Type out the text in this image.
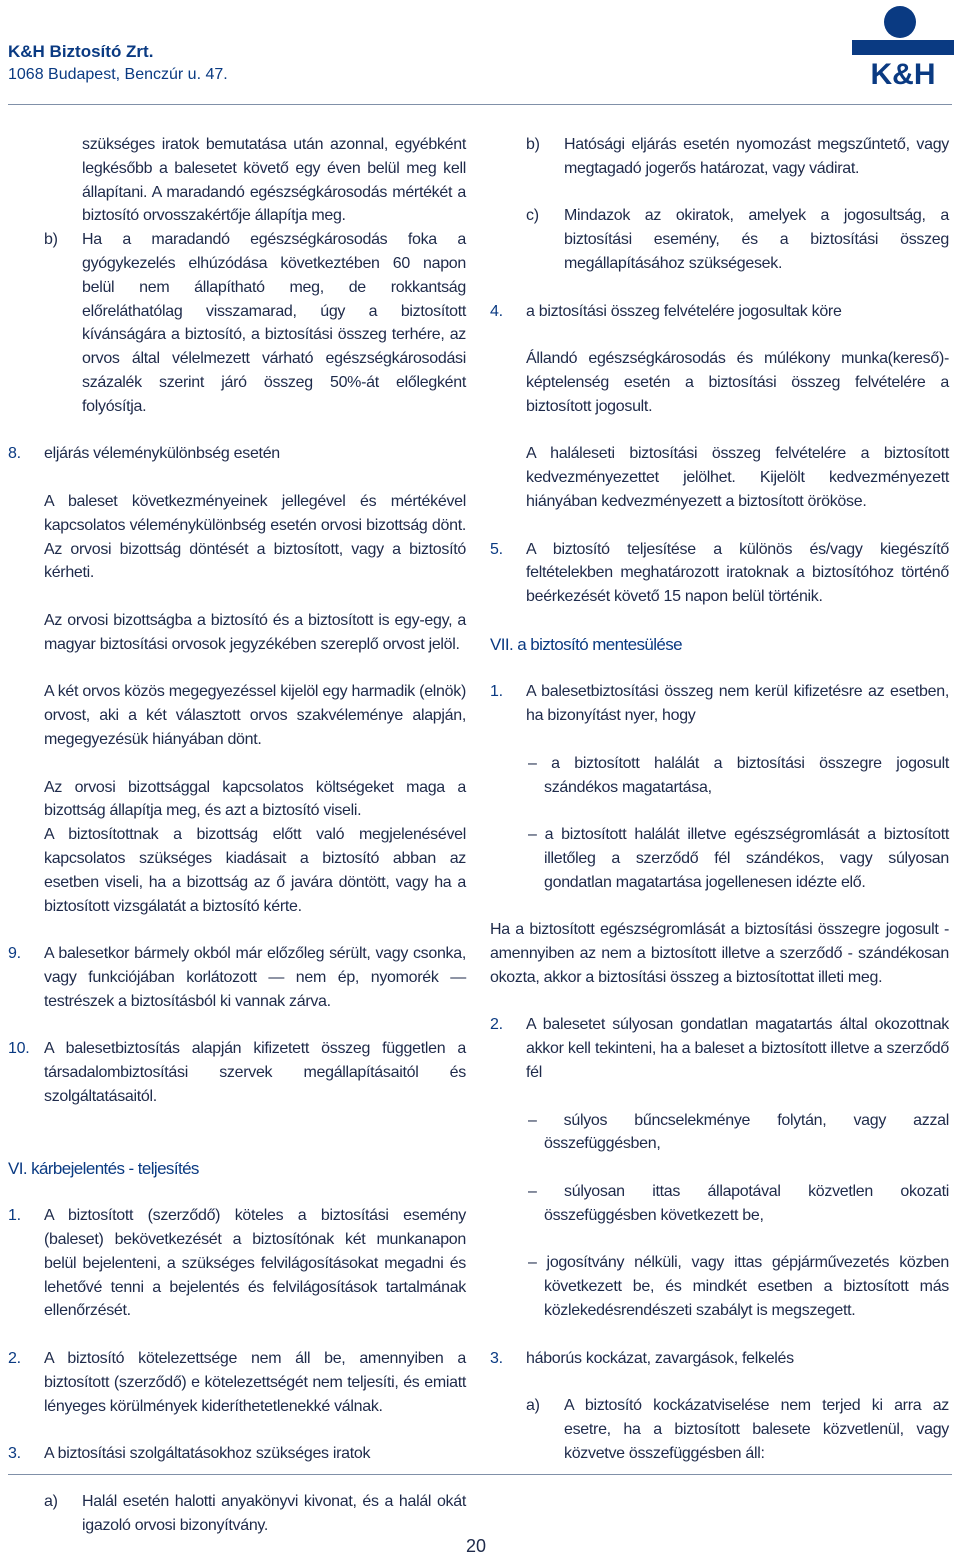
K&H Biztosító Zrt.
1068 Budapest, Benczúr u. 47.	K&H
szükséges iratok bemutatása után azonnal, egyébként legkésőbb a balesetet követő egy éven belül meg kell állapítani. A maradandó egészségkárosodás mértékét a biztosító orvosszakértője állapítja meg.
b) Ha a maradandó egészségkárosodás foka a gyógykezelés elhúzódása következtében 60 napon belül nem állapítható meg, de rokkantság előreláthatólag visszamarad, úgy a biztosított kívánságára a biztosító, a biztosítási összeg terhére, az orvos által vélelmezett várható egészségkárosodási százalék szerint járó összeg 50%-át előlegként folyósítja.
8. eljárás véleménykülönbség esetén
A baleset következményeinek jellegével és mértékével kapcsolatos véleménykülönbség esetén orvosi bizottság dönt. Az orvosi bizottság döntését a biztosított, vagy a biztosító kérheti.
Az orvosi bizottságba a biztosító és a biztosított is egy-egy, a magyar biztosítási orvosok jegyzékében szereplő orvost jelöl.
A két orvos közös megegyezéssel kijelöl egy harmadik (elnök) orvost, aki a két választott orvos szakvéleménye alapján, megegyezésük hiányában dönt.
Az orvosi bizottsággal kapcsolatos költségeket maga a bizottság állapítja meg, és azt a biztosító viseli.
A biztosítottnak a bizottság előtt való megjelenésével kapcsolatos szükséges kiadásait a biztosító abban az esetben viseli, ha a bizottság az ő javára döntött, vagy ha a biztosított vizsgálatát a biztosító kérte.
9. A balesetkor bármely okból már előzőleg sérült, vagy csonka, vagy funkciójában korlátozott — nem ép, nyomorék — testrészek a biztosításból ki vannak zárva.
10. A balesetbiztosítás alapján kifizetett összeg független a társadalombiztosítási szervek megállapításaitól és szolgáltatásaitól.
VI. kárbejelentés - teljesítés
1. A biztosított (szerződő) köteles a biztosítási esemény (baleset) bekövetkezését a biztosítónak két munkanapon belül bejelenteni, a szükséges felvilágosításokat megadni és lehetővé tenni a bejelentés és felvilágosítások tartalmának ellenőrzését.
2. A biztosító kötelezettsége nem áll be, amennyiben a biztosított (szerződő) e kötelezettségét nem teljesíti, és emiatt lényeges körülmények kideríthetetlenekké válnak.
3. A biztosítási szolgáltatásokhoz szükséges iratok
a) Halál esetén halotti anyakönyvi kivonat, és a halál okát igazoló orvosi bizonyítvány.
b) Hatósági eljárás esetén nyomozást megszűntető, vagy megtagadó jogerős határozat, vagy vádirat.
c) Mindazok az okiratok, amelyek a jogosultság, a biztosítási esemény, és a biztosítási összeg megállapításához szükségesek.
4. a biztosítási összeg felvételére jogosultak köre
Állandó egészségkárosodás és múlékony munka(kereső)-képtelenség esetén a biztosítási összeg felvételére a biztosított jogosult.
A haláleseti biztosítási összeg felvételére a biztosított kedvezményezettet jelölhet. Kijelölt kedvezményezett hiányában kedvezményezett a biztosított örököse.
5. A biztosító teljesítése a különös és/vagy kiegészítő feltételekben meghatározott iratoknak a biztosítóhoz történő beérkezését követő 15 napon belül történik.
VII. a biztosító mentesülése
1. A balesetbiztosítási összeg nem kerül kifizetésre az esetben, ha bizonyítást nyer, hogy
– a biztosított halálát a biztosítási összegre jogosult szándékos magatartása,
– a biztosított halálát illetve egészségromlását a biztosított illetőleg a szerződő fél szándékos, vagy súlyosan gondatlan magatartása jogellenesen idézte elő.
Ha a biztosított egészségromlását a biztosítási összegre jogosult - amennyiben az nem a biztosított illetve a szerződő - szándékosan okozta, akkor a biztosítási összeg a biztosítottat illeti meg.
2. A balesetet súlyosan gondatlan magatartás által okozottnak akkor kell tekinteni, ha a baleset a biztosított illetve a szerződő fél
– súlyos bűncselekménye folytán, vagy azzal összefüggésben,
– súlyosan ittas állapotával közvetlen okozati összefüggésben következett be,
– jogosítvány nélküli, vagy ittas gépjárművezetés közben következett be, és mindkét esetben a biztosított más közlekedésrendészeti szabályt is megszegett.
3. háborús kockázat, zavargások, felkelés
a) A biztosító kockázatviselése nem terjed ki arra az esetre, ha a biztosított balesete közvetlenül, vagy közvetve összefüggésben áll:
20
